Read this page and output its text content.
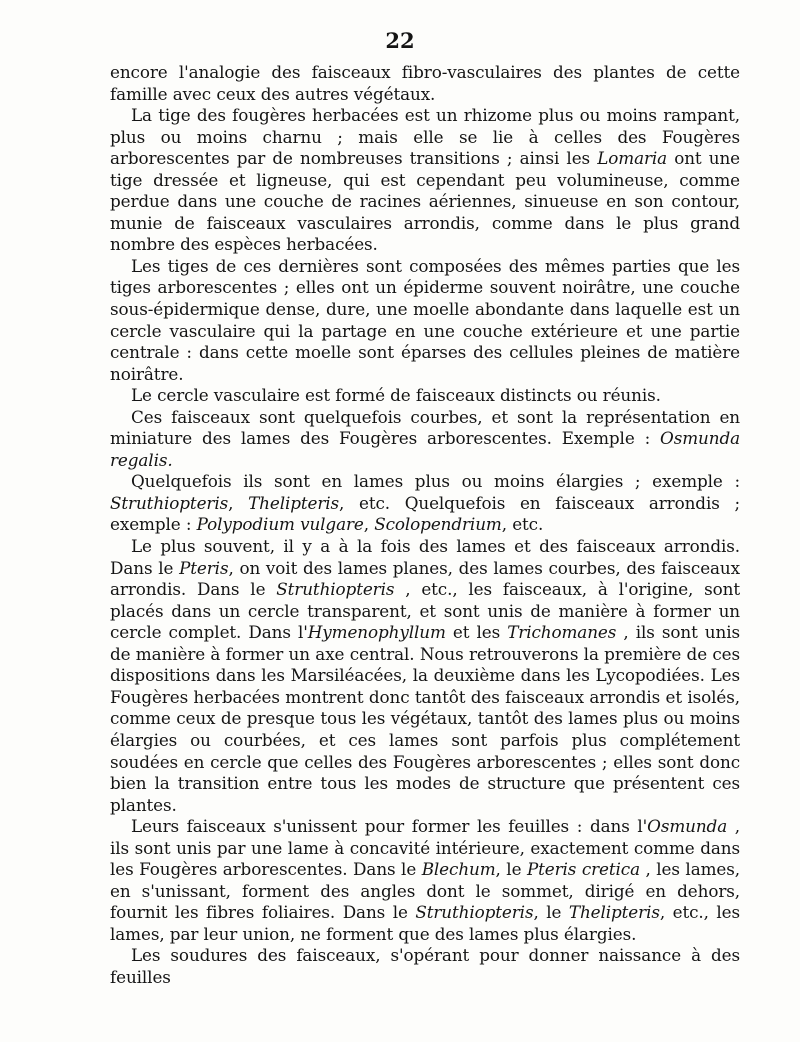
22

encore l'analogie des faisceaux fibro-vasculaires des plantes de cette famille avec ceux des autres végétaux.

La tige des fougères herbacées est un rhizome plus ou moins rampant, plus ou moins charnu ; mais elle se lie à celles des Fougères arborescentes par de nombreuses transitions ; ainsi les Lomaria ont une tige dressée et ligneuse, qui est cependant peu volumineuse, comme perdue dans une couche de racines aériennes, sinueuse en son contour, munie de faisceaux vasculaires arrondis, comme dans le plus grand nombre des espèces herbacées.

Les tiges de ces dernières sont composées des mêmes parties que les tiges arborescentes ; elles ont un épiderme souvent noirâtre, une couche sous-épidermique dense, dure, une moelle abondante dans laquelle est un cercle vasculaire qui la partage en une couche extérieure et une partie centrale : dans cette moelle sont éparses des cellules pleines de matière noirâtre.

Le cercle vasculaire est formé de faisceaux distincts ou réunis.

Ces faisceaux sont quelquefois courbes, et sont la représentation en miniature des lames des Fougères arborescentes. Exemple : Osmunda regalis.

Quelquefois ils sont en lames plus ou moins élargies ; exemple : Struthiopteris, Thelipteris, etc. Quelquefois en faisceaux arrondis ; exemple : Polypodium vulgare, Scolopendrium, etc.

Le plus souvent, il y a à la fois des lames et des faisceaux arrondis. Dans le Pteris, on voit des lames planes, des lames courbes, des faisceaux arrondis. Dans le Struthiopteris , etc., les faisceaux, à l'origine, sont placés dans un cercle transparent, et sont unis de manière à former un cercle complet. Dans l'Hymenophyllum et les Trichomanes , ils sont unis de manière à former un axe central. Nous retrouverons la première de ces dispositions dans les Marsiléacées, la deuxième dans les Lycopodiées. Les Fougères herbacées montrent donc tantôt des faisceaux arrondis et isolés, comme ceux de presque tous les végétaux, tantôt des lames plus ou moins élargies ou courbées, et ces lames sont parfois plus complétement soudées en cercle que celles des Fougères arborescentes ; elles sont donc bien la transition entre tous les modes de structure que présentent ces plantes.

Leurs faisceaux s'unissent pour former les feuilles : dans l'Osmunda , ils sont unis par une lame à concavité intérieure, exactement comme dans les Fougères arborescentes. Dans le Blechum, le Pteris cretica , les lames, en s'unissant, forment des angles dont le sommet, dirigé en dehors, fournit les fibres foliaires. Dans le Struthiopteris, le Thelipteris, etc., les lames, par leur union, ne forment que des lames plus élargies.

Les soudures des faisceaux, s'opérant pour donner naissance à des feuilles
